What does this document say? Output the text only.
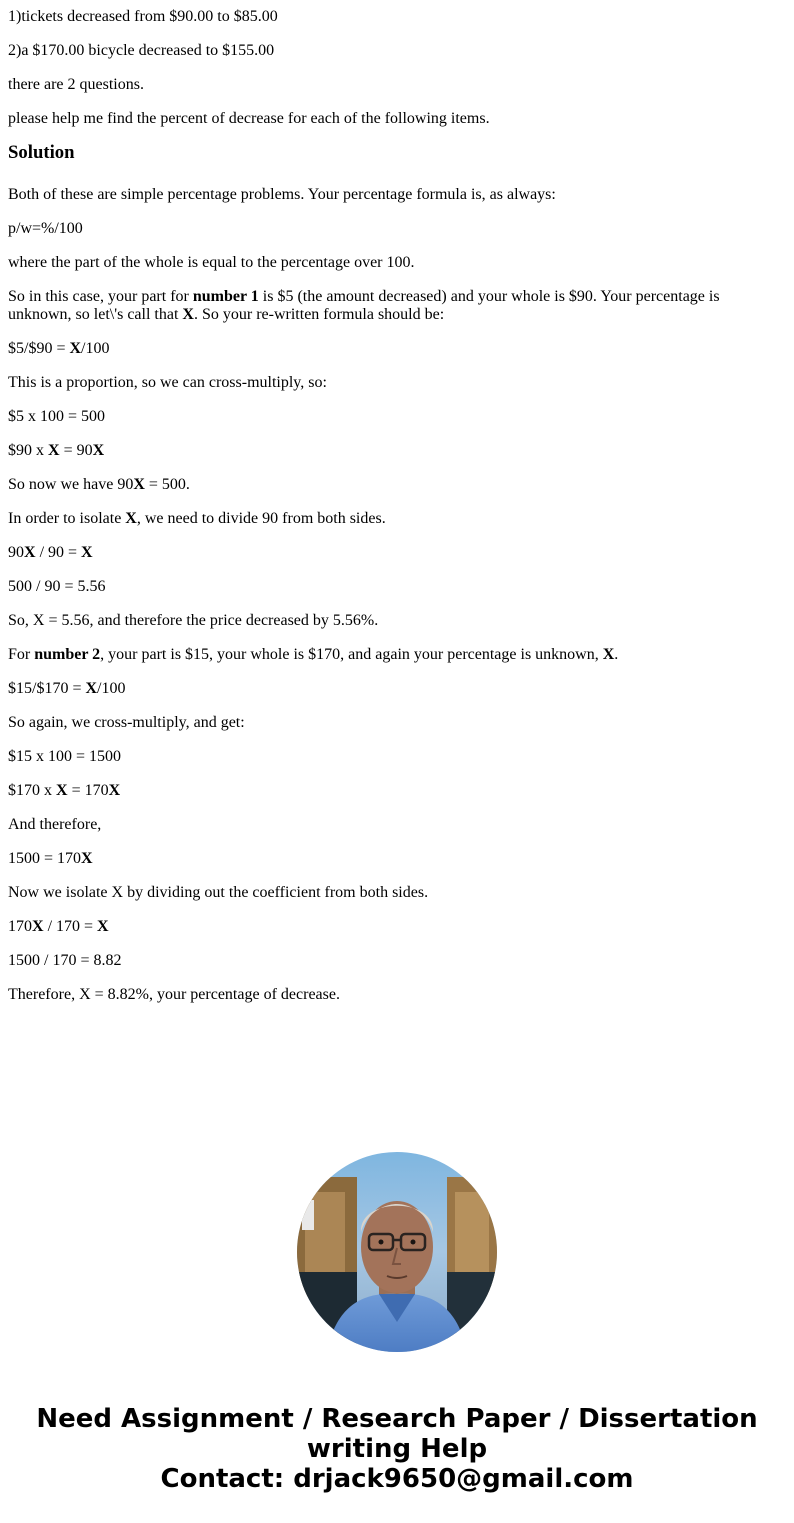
1)tickets decreased from $90.00 to $85.00

2)a $170.00 bicycle decreased to $155.00

there are 2 questions.

please help me find the percent of decrease for each of the following items.

Solution

Both of these are simple percentage problems. Your percentage formula is, as always:

p/w=%/100

where the part of the whole is equal to the percentage over 100.

So in this case, your part for number 1 is $5 (the amount decreased) and your whole is $90. Your percentage is unknown, so let\'s call that X. So your re-written formula should be:

$5/$90 = X/100

This is a proportion, so we can cross-multiply, so:

$5 x 100 = 500

$90 x X = 90X

So now we have 90X = 500.

In order to isolate X, we need to divide 90 from both sides.

90X / 90 = X

500 / 90 = 5.56

So, X = 5.56, and therefore the price decreased by 5.56%.

For number 2, your part is $15, your whole is $170, and again your percentage is unknown, X.

$15/$170 = X/100

So again, we cross-multiply, and get:

$15 x 100 = 1500

$170 x X = 170X

And therefore,

1500 = 170X

Now we isolate X by dividing out the coefficient from both sides.

170X / 170 = X

1500 / 170 = 8.82

Therefore, X = 8.82%, your percentage of decrease.

Need Assignment / Research Paper / Dissertation
writing Help
Contact: drjack9650@gmail.com
